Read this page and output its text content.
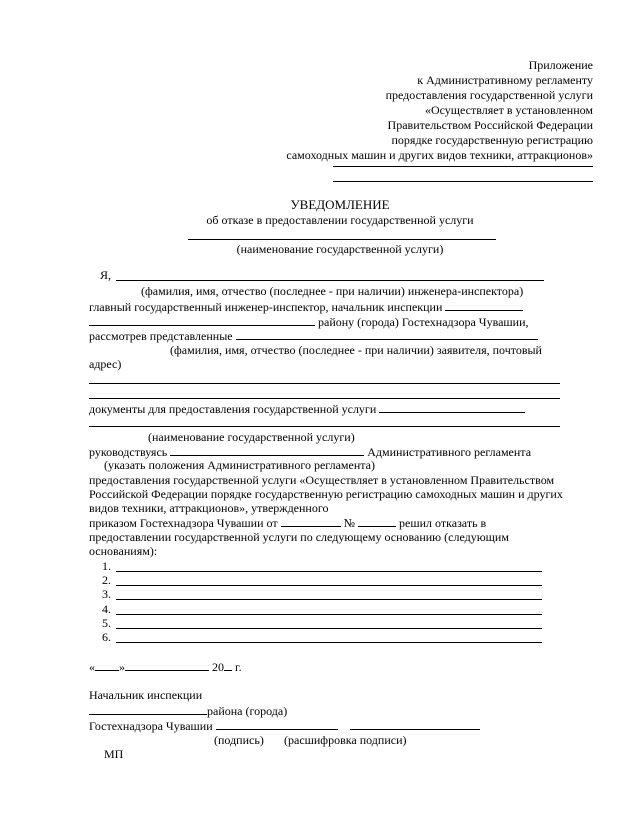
Приложение
к Административному регламенту
предоставления государственной услуги
«Осуществляет в установленном
Правительством Российской Федерации
порядке государственную регистрацию
самоходных машин и других видов техники, аттракционов»
УВЕДОМЛЕНИЕ
об отказе в предоставлении государственной услуги
(наименование государственной услуги)
Я,
(фамилия, имя, отчество (последнее - при наличии) инженера-инспектора)
главный государственный инженер-инспектор, начальник инспекции
району (города) Гостехнадзора Чувашии,
рассмотрев представленные
(фамилия, имя, отчество (последнее - при наличии) заявителя, почтовый
адрес)
документы для предоставления государственной услуги
(наименование государственной услуги)
руководствуясь	Административного регламента
(указать положения Административного регламента)
предоставления государственной услуги «Осуществляет в установленном Правительством
Российской Федерации порядке государственную регистрацию самоходных машин и других
видов техники, аттракционов», утвержденного
приказом Гостехнадзора Чувашии от	№	решил отказать в
предоставлении государственной услуги по следующему основанию (следующим
основаниям):
1.
2.
3.
4.
5.
6.
« »	20 г.
Начальник инспекции
района (города)
Гостехнадзора Чувашии
(подпись) (расшифровка подписи)
МП
